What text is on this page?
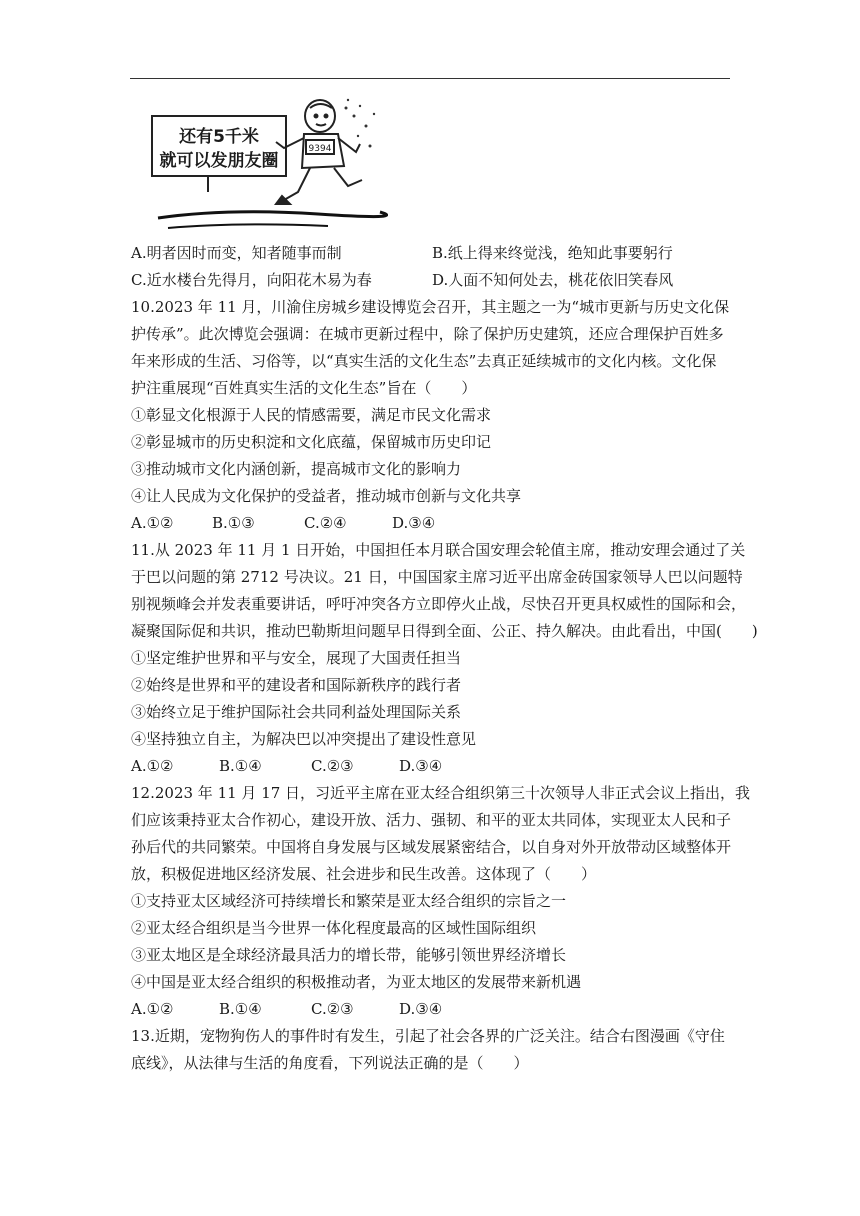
还有5千米
就可以发朋友圈
9394
A.明者因时而变，知者随事而制	B.纸上得来终觉浅，绝知此事要躬行
C.近水楼台先得月，向阳花木易为春	D.人面不知何处去，桃花依旧笑春风
10.2023 年 11 月，川渝住房城乡建设博览会召开，其主题之一为“城市更新与历史文化保
护传承”。此次博览会强调：在城市更新过程中，除了保护历史建筑，还应合理保护百姓多
年来形成的生活、习俗等，以“真实生活的文化生态”去真正延续城市的文化内核。文化保
护注重展现“百姓真实生活的文化生态”旨在（　　）
①彰显文化根源于人民的情感需要，满足市民文化需求
②彰显城市的历史积淀和文化底蕴，保留城市历史印记
③推动城市文化内涵创新，提高城市文化的影响力
④让人民成为文化保护的受益者，推动城市创新与文化共享
A.①②	B.①③	C.②④	D.③④
11.从 2023 年 11 月 1 日开始，中国担任本月联合国安理会轮值主席，推动安理会通过了关
于巴以问题的第 2712 号决议。21 日，中国国家主席习近平出席金砖国家领导人巴以问题特
别视频峰会并发表重要讲话，呼吁冲突各方立即停火止战，尽快召开更具权威性的国际和会，
凝聚国际促和共识，推动巴勒斯坦问题早日得到全面、公正、持久解决。由此看出，中国(　　)
①坚定维护世界和平与安全，展现了大国责任担当
②始终是世界和平的建设者和国际新秩序的践行者
③始终立足于维护国际社会共同利益处理国际关系
④坚持独立自主，为解决巴以冲突提出了建设性意见
A.①②	B.①④	C.②③	D.③④
12.2023 年 11 月 17 日，习近平主席在亚太经合组织第三十次领导人非正式会议上指出，我
们应该秉持亚太合作初心，建设开放、活力、强韧、和平的亚太共同体，实现亚太人民和子
孙后代的共同繁荣。中国将自身发展与区域发展紧密结合，以自身对外开放带动区域整体开
放，积极促进地区经济发展、社会进步和民生改善。这体现了（　　）
①支持亚太区域经济可持续增长和繁荣是亚太经合组织的宗旨之一
②亚太经合组织是当今世界一体化程度最高的区域性国际组织
③亚太地区是全球经济最具活力的增长带，能够引领世界经济增长
④中国是亚太经合组织的积极推动者，为亚太地区的发展带来新机遇
A.①②	B.①④	C.②③	D.③④
13.近期，宠物狗伤人的事件时有发生，引起了社会各界的广泛关注。结合右图漫画《守住
底线》，从法律与生活的角度看，下列说法正确的是（　　）
